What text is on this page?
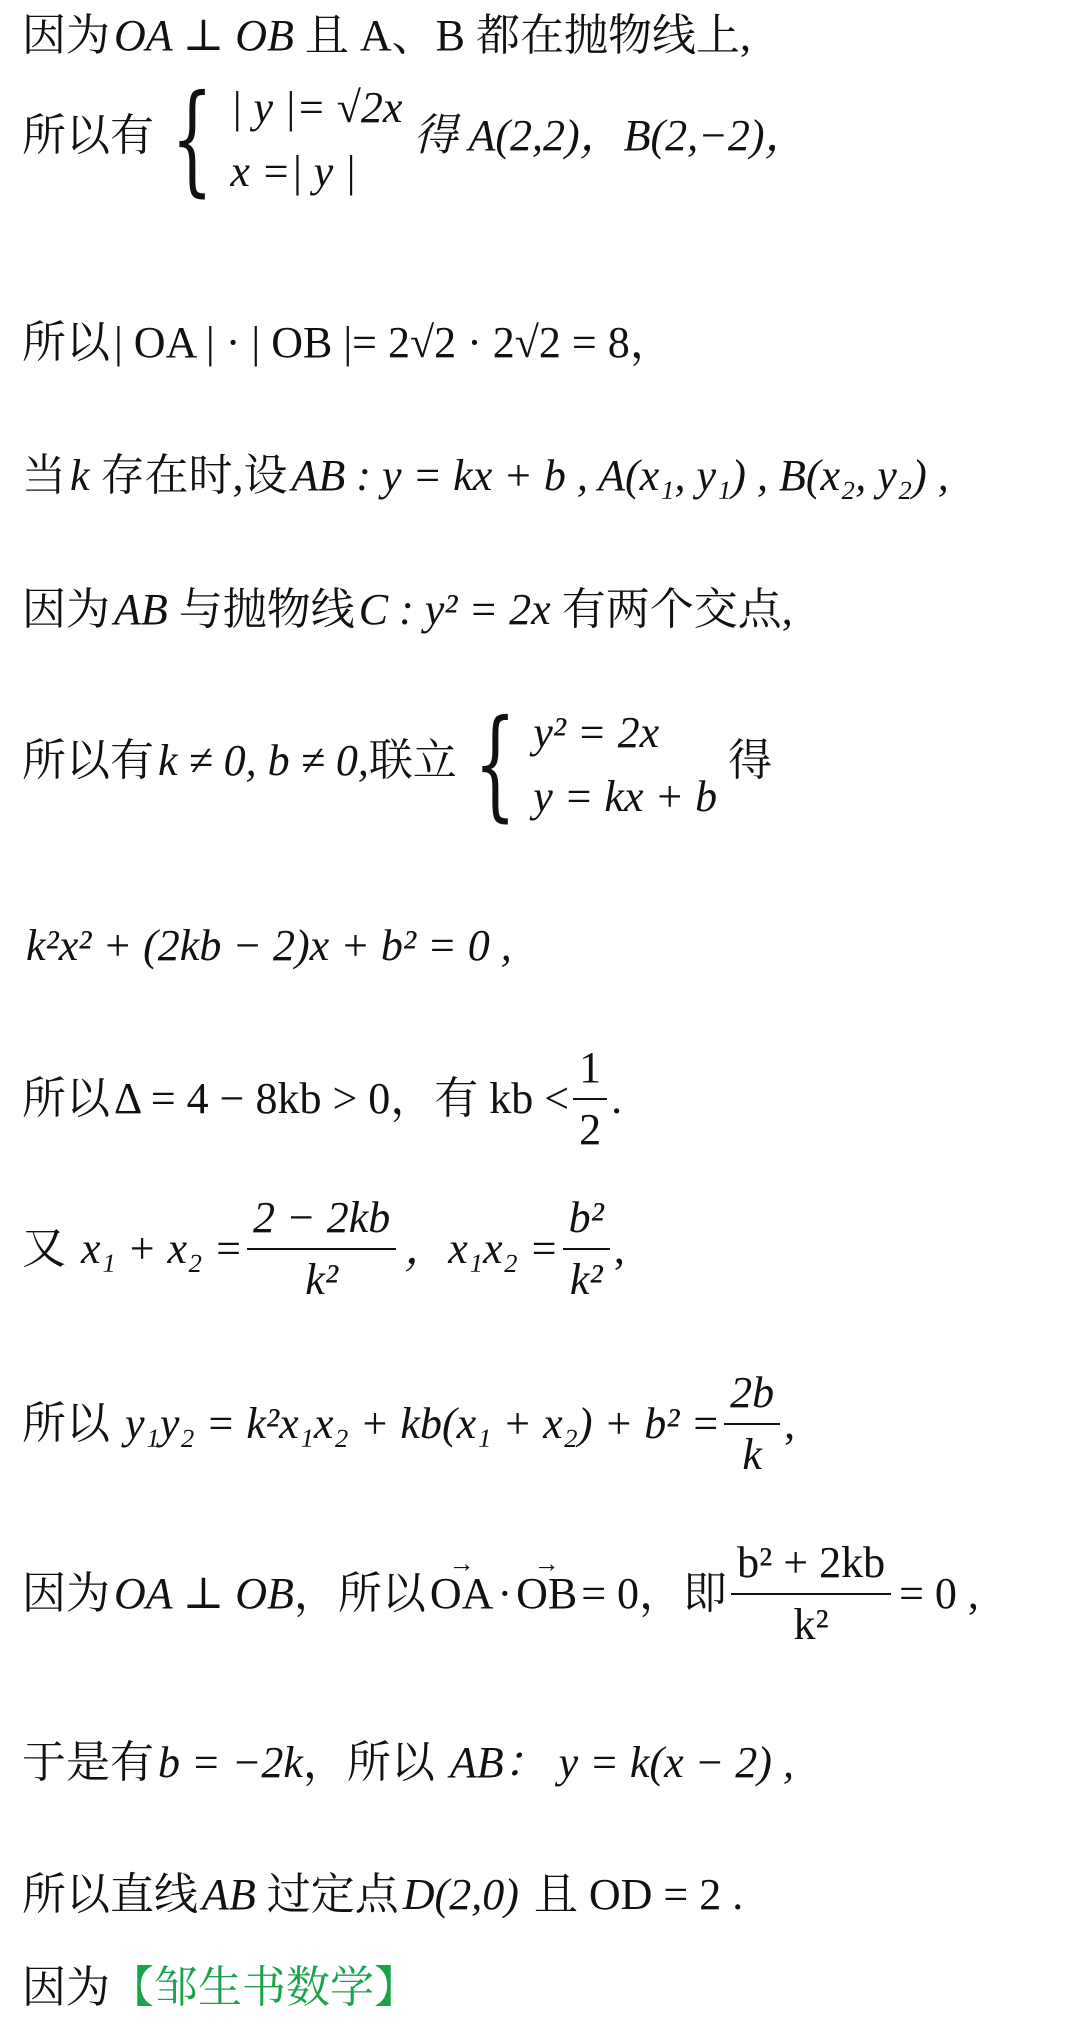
因为OA ⊥ OB 且 A、B 都在抛物线上,
所以有 { | y |= √2x
x =| y |
得 A(2,2)，B(2,−2)，
所以| OA | · | OB |= 2√2 · 2√2 = 8，
当k 存在时,设AB : y = kx + b , A(x₁, y₁) , B(x₂, y₂) ,
因为AB 与抛物线C : y² = 2x 有两个交点,
所以有k ≠ 0, b ≠ 0,联立 { y² = 2x
y = kx + b
得
k²x² + (2kb − 2)x + b² = 0 ,
所以 Δ = 4 − 8kb > 0，有 kb < $\frac{1}{2}$ .
又
$x_1 + x_2 = \frac{2 - 2kb}{\text{k²}}$ ，$x_1x_2 = \frac{\text{b²}}{\text{k²}}$ ,
所以
$y_1y_2 = k^2x_1x_2 + kb(x_1 + x_2) + b^2 = \frac{2b}{k}$ ,
因为 OA ⊥ OB ，所以 → OA · → OB = 0，即 $\frac{\text{b² + 2kb}}{\text{k²}} = 0$ ,
于是有b = −2k，所以 AB： y = k(x − 2) ,
所以直线AB 过定点D(2,0) 且 OD = 2 .
因为【邹生书数学】
